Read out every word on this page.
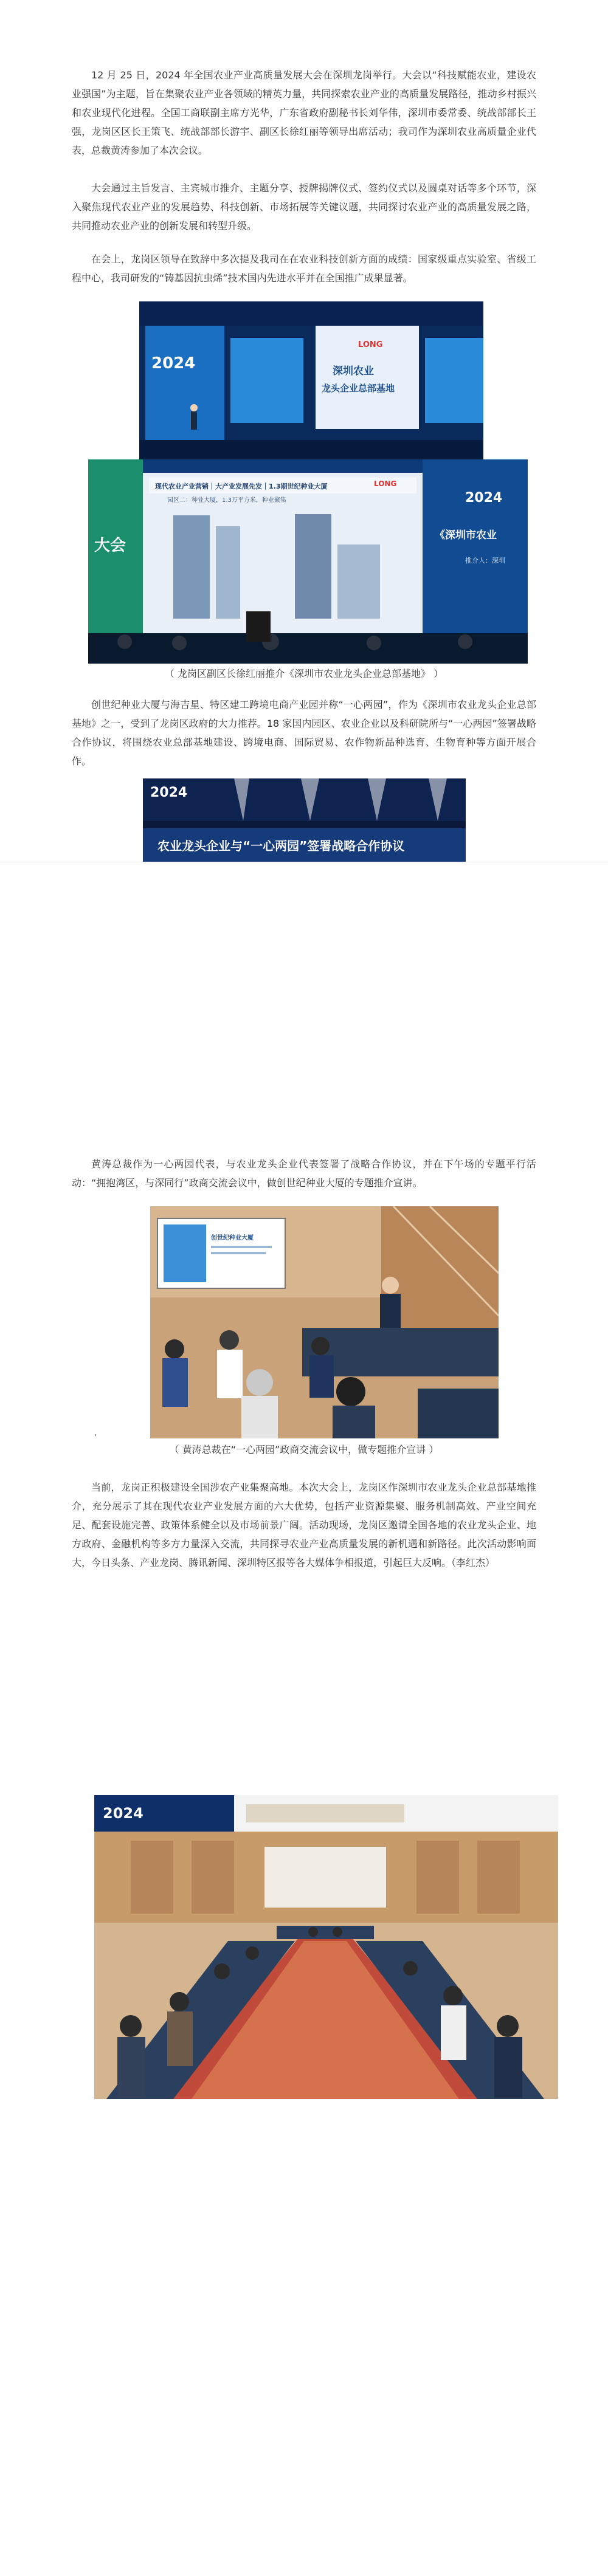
12 月 25 日，2024 年全国农业产业高质量发展大会在深圳龙岗举行。大会以“科技赋能农业，建设农业强国”为主题，旨在集聚农业产业各领域的精英力量，共同探索农业产业的高质量发展路径，推动乡村振兴和农业现代化进程。全国工商联副主席方光华，广东省政府副秘书长刘华伟，深圳市委常委、统战部部长王强，龙岗区区长王策飞、统战部部长游宇、副区长徐红丽等领导出席活动；我司作为深圳农业高质量企业代表，总裁黄涛参加了本次会议。

大会通过主旨发言、主宾城市推介、主题分享、授牌揭牌仪式、签约仪式以及圆桌对话等多个环节，深入聚焦现代农业产业的发展趋势、科技创新、市场拓展等关键议题，共同探讨农业产业的高质量发展之路，共同推动农业产业的创新发展和转型升级。

在会上，龙岗区领导在致辞中多次提及我司在在农业科技创新方面的成绩：国家级重点实验室、省级工程中心，我司研发的“铸基因抗虫烯”技术国内先进水平并在全国推广成果显著。

2024	深圳农业
龙头企业总部基地
LONG
大会
现代农业产业营销｜大产业发展先发｜1.3期世纪种业大厦
园区二：种业大厦，1.3万平方米，种业聚集
LONG
2024
《深圳市农业
推介人：深圳

（ 龙岗区副区长徐红丽推介《深圳市农业龙头企业总部基地》 ）

创世纪种业大厦与海吉星、特区建工跨境电商产业园并称“一心两园”，作为《深圳市农业龙头企业总部基地》之一，受到了龙岗区政府的大力推荐。18 家国内园区、农业企业以及科研院所与“一心两园”签署战略合作协议，将围绕农业总部基地建设、跨境电商、国际贸易、农作物新品种选育、生物育种等方面开展合作。

2024
农业龙头企业与“一心两园”签署战略合作协议

黄涛总裁作为一心两园代表，与农业龙头企业代表签署了战略合作协议，并在下午场的专题平行活动：“拥抱湾区，与深同行”政商交流会议中，做创世纪种业大厦的专题推介宣讲。

创世纪种业大厦
,

（ 黄涛总裁在“一心两园”政商交流会议中，做专题推介宣讲 ）

当前，龙岗正积极建设全国涉农产业集聚高地。本次大会上，龙岗区作深圳市农业龙头企业总部基地推介，充分展示了其在现代农业产业发展方面的六大优势，包括产业资源集聚、服务机制高效、产业空间充足、配套设施完善、政策体系健全以及市场前景广阔。活动现场，龙岗区邀请全国各地的农业龙头企业、地方政府、金融机构等多方力量深入交流，共同探寻农业产业高质量发展的新机遇和新路径。此次活动影响面大，今日头条、产业龙岗、腾讯新闻、深圳特区报等各大媒体争相报道，引起巨大反响。（李红杰）

2024
